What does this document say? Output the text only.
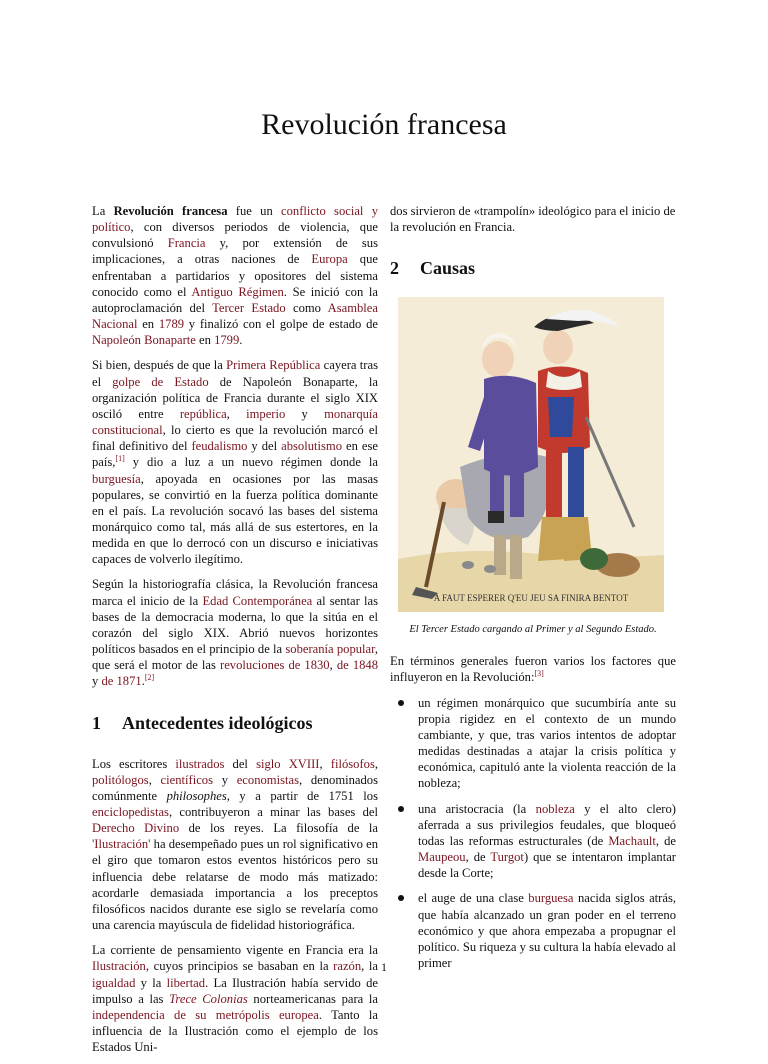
Revolución francesa

La Revolución francesa fue un conflicto social y político, con diversos periodos de violencia, que convulsionó Francia y, por extensión de sus implicaciones, a otras naciones de Europa que enfrentaban a partidarios y opositores del sistema conocido como el Antiguo Régimen. Se inició con la autoproclamación del Tercer Estado como Asamblea Nacional en 1789 y finalizó con el golpe de estado de Napoleón Bonaparte en 1799.

Si bien, después de que la Primera República cayera tras el golpe de Estado de Napoleón Bonaparte, la organización política de Francia durante el siglo XIX osciló entre república, imperio y monarquía constitucional, lo cierto es que la revolución marcó el final definitivo del feudalismo y del absolutismo en ese país,[1] y dio a luz a un nuevo régimen donde la burguesía, apoyada en ocasiones por las masas populares, se convirtió en la fuerza política dominante en el país. La revolución socavó las bases del sistema monárquico como tal, más allá de sus estertores, en la medida en que lo derrocó con un discurso e iniciativas capaces de volverlo ilegítimo.

Según la historiografía clásica, la Revolución francesa marca el inicio de la Edad Contemporánea al sentar las bases de la democracia moderna, lo que la sitúa en el corazón del siglo XIX. Abrió nuevos horizontes políticos basados en el principio de la soberanía popular, que será el motor de las revoluciones de 1830, de 1848 y de 1871.[2]

1 Antecedentes ideológicos

Los escritores ilustrados del siglo XVIII, filósofos, politólogos, científicos y economistas, denominados comúnmente philosophes, y a partir de 1751 los enciclopedistas, contribuyeron a minar las bases del Derecho Divino de los reyes. La filosofía de la 'Ilustración' ha desempeñado pues un rol significativo en el giro que tomaron estos eventos históricos pero su influencia debe relatarse de modo más matizado: acordarle demasiada importancia a los preceptos filosóficos nacidos durante ese siglo se revelaría como una carencia mayúscula de fidelidad historiográfica.

La corriente de pensamiento vigente en Francia era la Ilustración, cuyos principios se basaban en la razón, la igualdad y la libertad. La Ilustración había servido de impulso a las Trece Colonias norteamericanas para la independencia de su metrópolis europea. Tanto la influencia de la Ilustración como el ejemplo de los Estados Uni-

dos sirvieron de «trampolín» ideológico para el inicio de la revolución en Francia.

2 Causas
A FAUT ESPERER Q'EU JEU SA FINIRA BENTOT
El Tercer Estado cargando al Primer y al Segundo Estado.

En términos generales fueron varios los factores que influyeron en la Revolución:[3]

un régimen monárquico que sucumbiría ante su propia rigidez en el contexto de un mundo cambiante, y que, tras varios intentos de adoptar medidas destinadas a atajar la crisis política y económica, capituló ante la violenta reacción de la nobleza;
una aristocracia (la nobleza y el alto clero) aferrada a sus privilegios feudales, que bloqueó todas las reformas estructurales (de Machault, de Maupeou, de Turgot) que se intentaron implantar desde la Corte;
el auge de una clase burguesa nacida siglos atrás, que había alcanzado un gran poder en el terreno económico y que ahora empezaba a propugnar el político. Su riqueza y su cultura la había elevado al primer
1
